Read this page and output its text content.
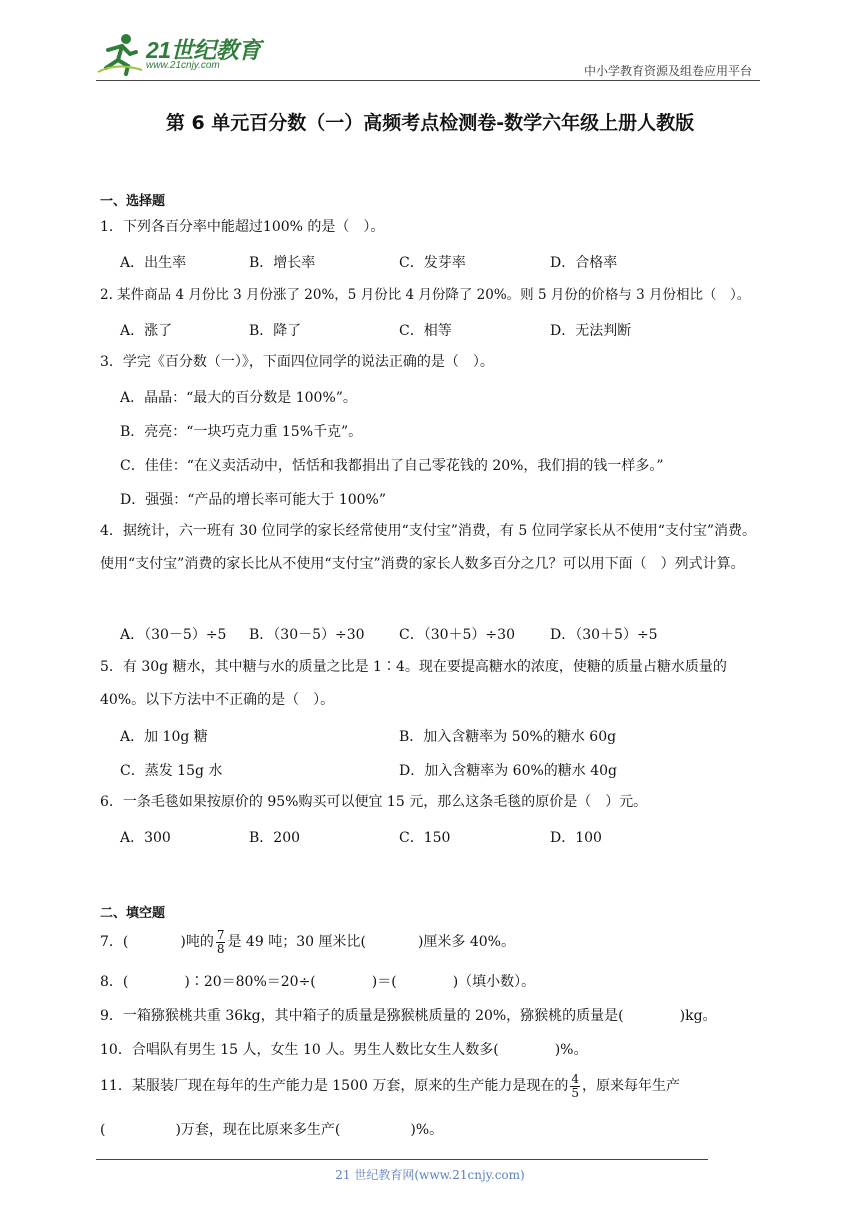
21世纪教育
www.21cnjy.com	中小学教育资源及组卷应用平台
第 6 单元百分数（一）高频考点检测卷-数学六年级上册人教版
一、选择题
1．下列各百分率中能超过100% 的是（　）。
A．出生率	B．增长率	C．发芽率	D．合格率
2. 某件商品 4 月份比 3 月份涨了 20%，5 月份比 4 月份降了 20%。则 5 月份的价格与 3 月份相比（　）。
A．涨了	B．降了	C．相等	D．无法判断
3．学完《百分数（一）》，下面四位同学的说法正确的是（　）。
A．晶晶：“最大的百分数是 100%”。
B．亮亮：“一块巧克力重 15%千克”。
C．佳佳：“在义卖活动中，恬恬和我都捐出了自己零花钱的 20%，我们捐的钱一样多。”
D．强强：“产品的增长率可能大于 100%”
4．据统计，六一班有 30 位同学的家长经常使用“支付宝”消费，有 5 位同学家长从不使用“支付宝”消费。使用“支付宝”消费的家长比从不使用“支付宝”消费的家长人数多百分之几？可以用下面（　）列式计算。
A．（30－5）÷5 B．（30－5）÷30 C．（30＋5）÷30	D．（30＋5）÷5
5．有 30g 糖水，其中糖与水的质量之比是 1∶4。现在要提高糖水的浓度，使糖的质量占糖水质量的 40%。以下方法中不正确的是（　）。
A．加 10g 糖	B．加入含糖率为 50%的糖水 60g
C．蒸发 15g 水	D．加入含糖率为 60%的糖水 40g
6．一条毛毯如果按原价的 95%购买可以便宜 15 元，那么这条毛毯的原价是（　）元。
A．300	B．200	C．150	D．100
二、填空题
7．(	)吨的 $\frac{7}{8}$ 是 49 吨；30 厘米比(	)厘米多 40%。
8．(　　　　)∶20＝80%＝20÷(　　　　)＝(　　　　)（填小数）。
9．一箱猕猴桃共重 36kg，其中箱子的质量是猕猴桃质量的 20%，猕猴桃的质量是(　　　　)kg。
10．合唱队有男生 15 人，女生 10 人。男生人数比女生人数多(　　　　)%。
11．某服装厂现在每年的生产能力是 1500 万套，原来的生产能力是现在的 $\frac{4}{5}$ ，原来每年生产
(　　　　　)万套，现在比原来多生产(　　　　　)%。
21 世纪教育网(www.21cnjy.com)
